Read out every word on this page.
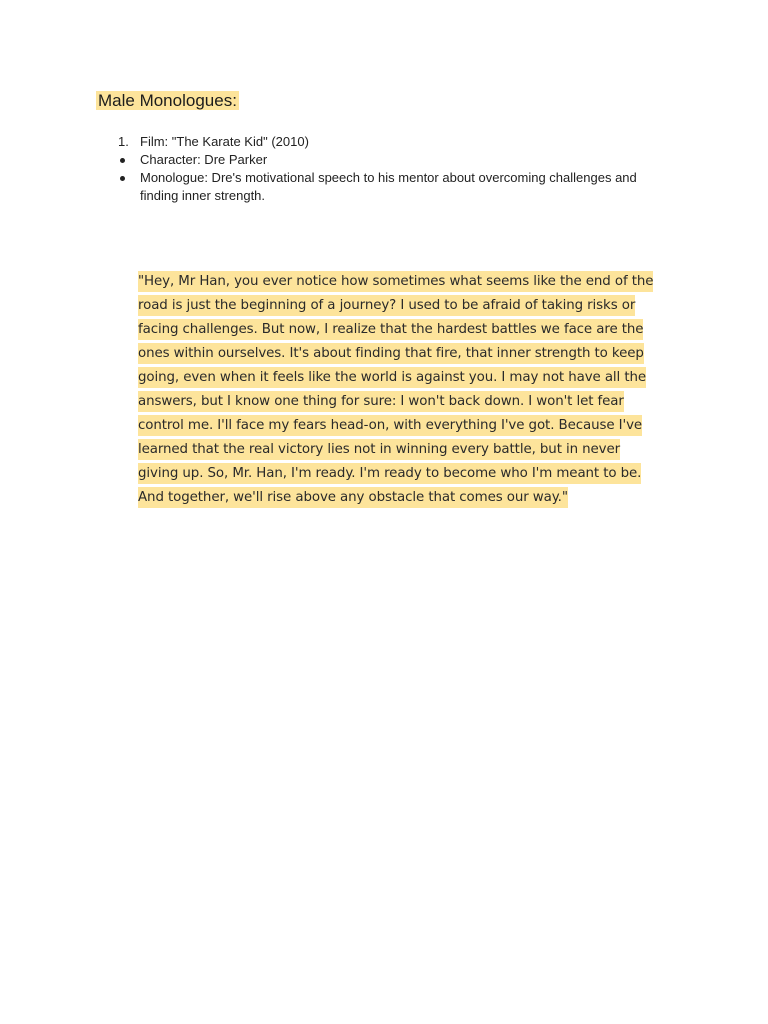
Male Monologues:
1. Film: "The Karate Kid" (2010)
Character: Dre Parker
Monologue: Dre's motivational speech to his mentor about overcoming challenges and finding inner strength.
"Hey, Mr Han, you ever notice how sometimes what seems like the end of the road is just the beginning of a journey? I used to be afraid of taking risks or facing challenges. But now, I realize that the hardest battles we face are the ones within ourselves. It's about finding that fire, that inner strength to keep going, even when it feels like the world is against you. I may not have all the answers, but I know one thing for sure: I won't back down. I won't let fear control me. I'll face my fears head-on, with everything I've got. Because I've learned that the real victory lies not in winning every battle, but in never giving up. So, Mr. Han, I'm ready. I'm ready to become who I'm meant to be. And together, we'll rise above any obstacle that comes our way."
